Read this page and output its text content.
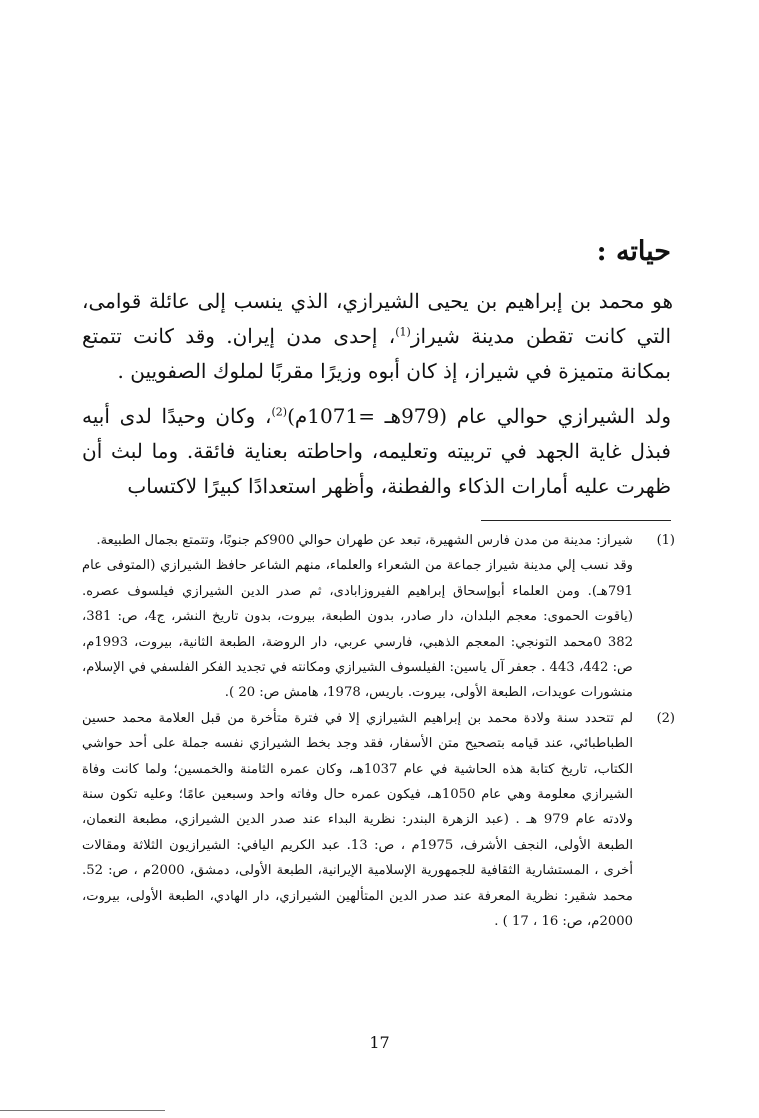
حياته :

هو محمد بن إبراهيم بن يحيى الشيرازي، الذي ينسب إلى عائلة قوامى، التي كانت تقطن مدينة شيراز$^{(1)}$، إحدى مدن إيران. وقد كانت تتمتع بمكانة متميزة في شيراز، إذ كان أبوه وزيرًا مقربًا لملوك الصفويين .

ولد الشيرازي حوالي عام (979هـ =1071م)$^{(2)}$، وكان وحيدًا لدى أبيه فبذل غاية الجهد في تربيته وتعليمه، واحاطته بعناية فائقة. وما لبث أن ظهرت عليه أمارات الذكاء والفطنة، وأظهر استعدادًا كبيرًا لاكتساب

(1)

شيراز: مدينة من مدن فارس الشهيرة، تبعد عن طهران حوالي 900كم جنوبًا، وتتمتع بجمال الطبيعة.

وقد نسب إلي مدينة شيراز جماعة من الشعراء والعلماء، منهم الشاعر حافظ الشيرازي (المتوفى عام 791هـ). ومن العلماء أبوإسحاق إبراهيم الفيروزابادى، ثم صدر الدين الشيرازي فيلسوف عصره. (ياقوت الحموى: معجم البلدان، دار صادر، بدون الطبعة، بيروت، بدون تاريخ النشر، ج4، ص: 381، 382 0محمد التونجي: المعجم الذهبي، فارسي عربي، دار الروضة، الطبعة الثانية، بيروت، 1993م، ص: 442، 443 . جعفر آل ياسين: الفيلسوف الشيرازي ومكانته في تجديد الفكر الفلسفي في الإسلام، منشورات عويدات، الطبعة الأولى، بيروت. باريس، 1978، هامش ص: 20 ).

(2)

لم تتحدد سنة ولادة محمد بن إبراهيم الشيرازي إلا في فترة متأخرة من قبل العلامة محمد حسين الطباطبائي، عند قيامه بتصحيح متن الأسفار، فقد وجد بخط الشيرازي نفسه جملة على أحد حواشي الكتاب، تاريخ كتابة هذه الحاشية في عام 1037هـ، وكان عمره الثامنة والخمسين؛ ولما كانت وفاة الشيرازي معلومة وهي عام 1050هـ، فيكون عمره حال وفاته واحد وسبعين عامًا؛ وعليه تكون سنة ولادته عام 979 هـ . (عبد الزهرة البندر: نظرية البداء عند صدر الدين الشيرازي، مطبعة النعمان، الطبعة الأولى، النجف الأشرف، 1975م ، ص: 13. عبد الكريم اليافي: الشيرازيون الثلاثة ومقالات أخرى ، المستشارية الثقافية للجمهورية الإسلامية الإيرانية، الطبعة الأولى، دمشق، 2000م ، ص: 52. محمد شقير: نظرية المعرفة عند صدر الدين المتألهين الشيرازي، دار الهادي، الطبعة الأولى، بيروت، 2000م، ص: 16 ، 17 ) .

17
